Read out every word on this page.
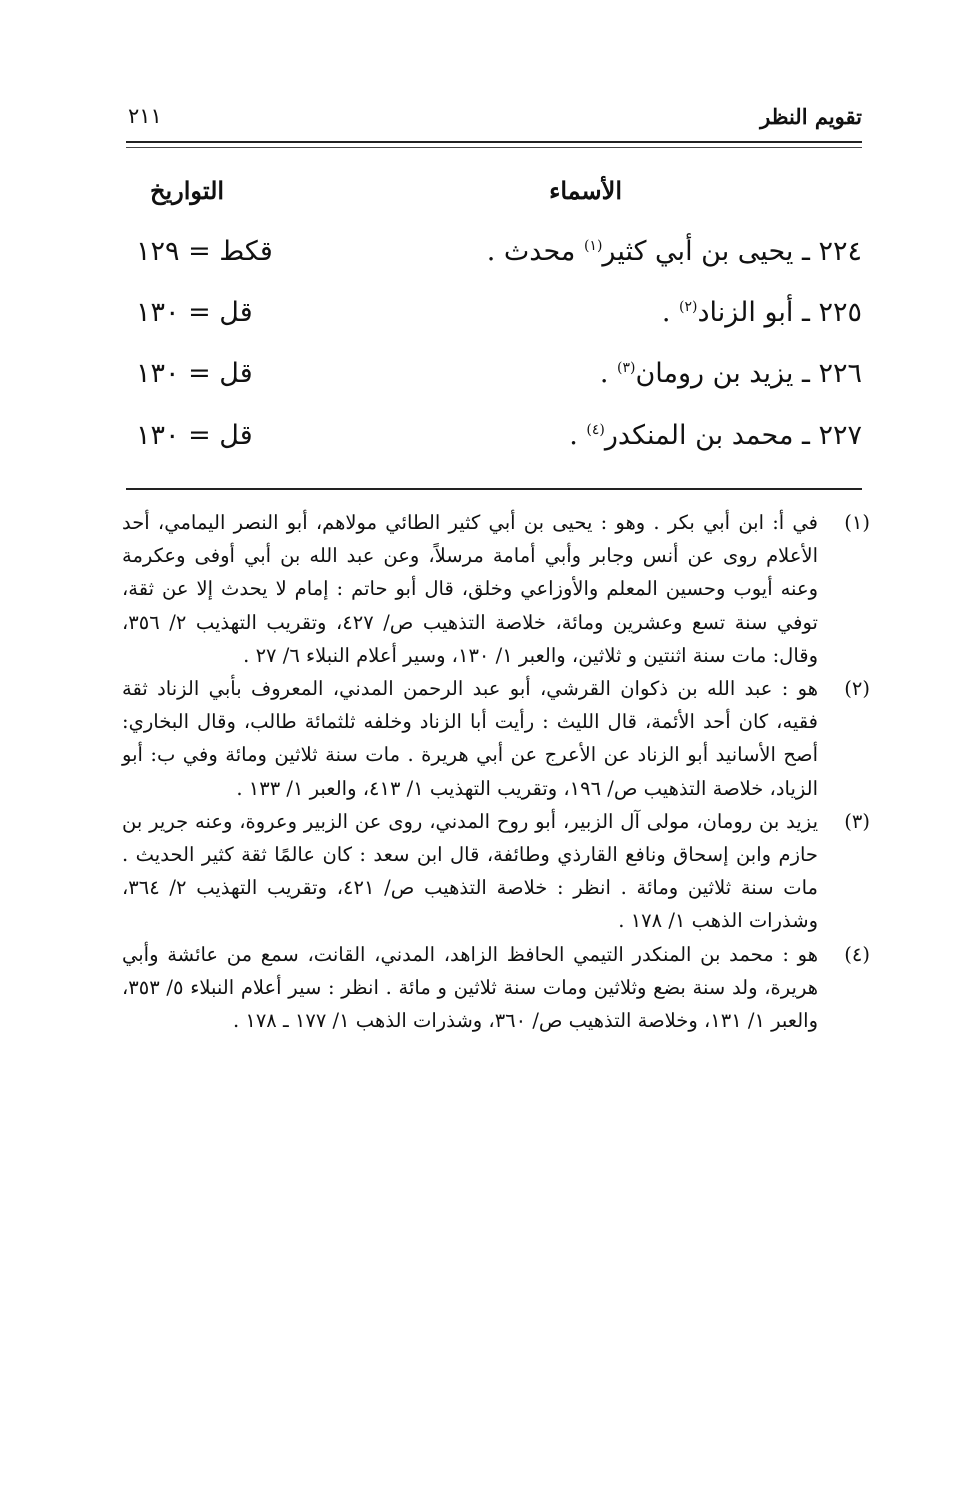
تقويم النظر
٢١١
الأسماء
التواريخ
٢٢٤ ـ يحيى بن أبي كثير$^{(١)}$ محدث .
قكط = ١٢٩
٢٢٥ ـ أبو الزناد$^{(٢)}$ .
قل = ١٣٠
٢٢٦ ـ يزيد بن رومان$^{(٣)}$ .
قل = ١٣٠
٢٢٧ ـ محمد بن المنكدر$^{(٤)}$ .
قل = ١٣٠
(١)
في أ: ابن أبي بكر . وهو : يحيى بن أبي كثير الطائي مولاهم، أبو النصر اليمامي، أحد الأعلام روى عن أنس وجابر وأبي أمامة مرسلاً، وعن عبد الله بن أبي أوفى وعكرمة وعنه أيوب وحسين المعلم والأوزاعي وخلق، قال أبو حاتم : إمام لا يحدث إلا عن ثقة، توفي سنة تسع وعشرين ومائة، خلاصة التذهيب ص/ ٤٢٧، وتقريب التهذيب ٢/ ٣٥٦، وقال: مات سنة اثنتين و ثلاثين، والعبر ١/ ١٣٠، وسير أعلام النبلاء ٦/ ٢٧ .
(٢)
هو : عبد الله بن ذكوان القرشي، أبو عبد الرحمن المدني، المعروف بأبي الزناد ثقة فقيه، كان أحد الأئمة، قال الليث : رأيت أبا الزناد وخلفه ثلثمائة طالب، وقال البخاري: أصح الأسانيد أبو الزناد عن الأعرج عن أبي هريرة . مات سنة ثلاثين ومائة وفي ب: أبو الزياد، خلاصة التذهيب ص/ ١٩٦، وتقريب التهذيب ١/ ٤١٣، والعبر ١/ ١٣٣ .
(٣)
يزيد بن رومان، مولى آل الزبير، أبو روح المدني، روى عن الزبير وعروة، وعنه جرير بن حازم وابن إسحاق ونافع القارذي وطائفة، قال ابن سعد : كان عالمًا ثقة كثير الحديث . مات سنة ثلاثين ومائة . انظر : خلاصة التذهيب ص/ ٤٢١، وتقريب التهذيب ٢/ ٣٦٤، وشذرات الذهب ١/ ١٧٨ .
(٤)
هو : محمد بن المنكدر التيمي الحافظ الزاهد، المدني، القانت، سمع من عائشة وأبي هريرة، ولد سنة بضع وثلاثين ومات سنة ثلاثين و مائة . انظر : سير أعلام النبلاء ٥/ ٣٥٣، والعبر ١/ ١٣١، وخلاصة التذهيب ص/ ٣٦٠، وشذرات الذهب ١/ ١٧٧ ـ ١٧٨ .
